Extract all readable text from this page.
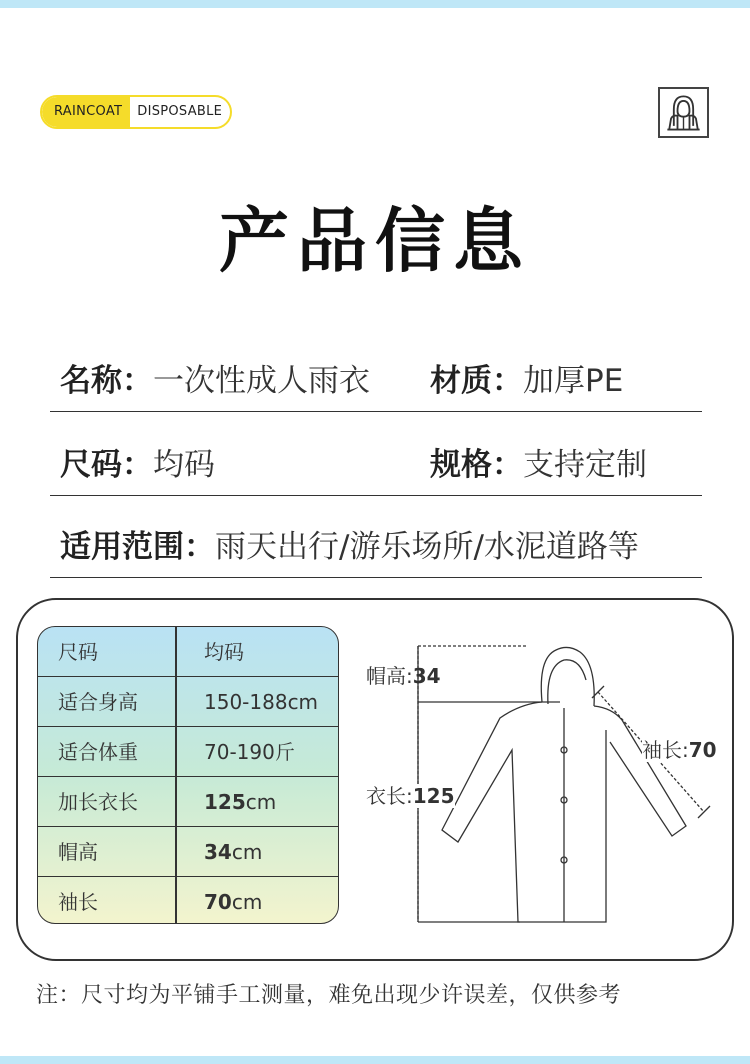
RAINCOAT	DISPOSABLE
产品信息
名称：一次性成人雨衣 材质：加厚PE
尺码：均码	规格：支持定制
适用范围：雨天出行/游乐场所/水泥道路等
尺码	均码
适合身高	150-188cm
适合体重	70-190斤
加长衣长	125cm
帽高	34cm
袖长	70cm
帽高:34
衣长:125
袖长:70
注：尺寸均为平铺手工测量，难免出现少许误差，仅供参考
